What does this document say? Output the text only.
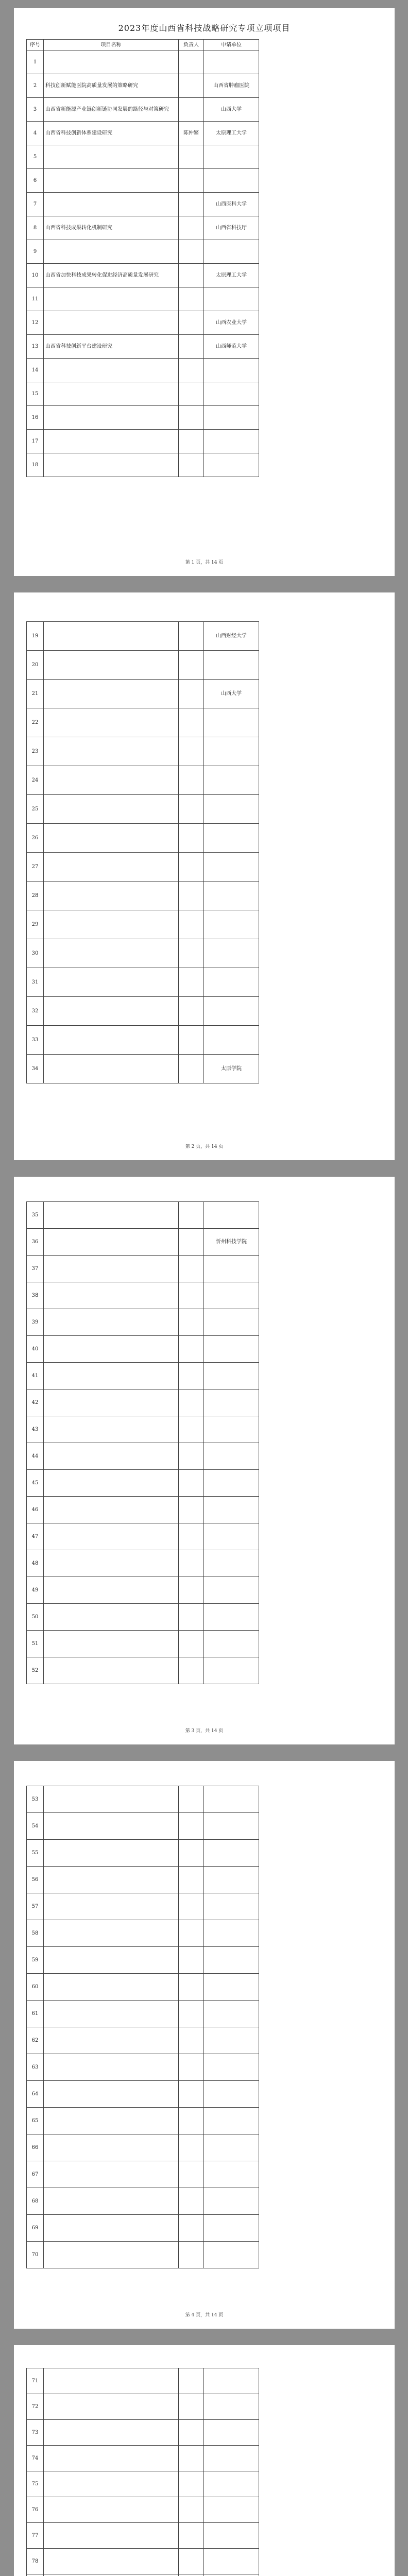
2023年度山西省科技战略研究专项立项项目
序号	项目名称	负责人	申请单位
1			
2	科技创新赋能医院高质量发展的策略研究		山西省肿瘤医院
3	山西省新能源产业链创新链协同发展的路径与对策研究		山西大学
4	山西省科技创新体系建设研究	陈仲繁	太原理工大学
5			
6			
7			山西医科大学
8	山西省科技成果转化机制研究		山西省科技厅
9			
10	山西省加快科技成果转化促进经济高质量发展研究		太原理工大学
11			
12			山西农业大学
13	山西省科技创新平台建设研究		山西师范大学
14			
15			
16			
17			
18			
第 1 页，共 14 页
19			山西财经大学
20			
21			山西大学
22			
23			
24			
25			
26			
27			
28			
29			
30			
31			
32			
33			
34			太原学院
第 2 页，共 14 页
35			
36			忻州科技学院
37			
38			
39			
40			
41			
42			
43			
44			
45			
46			
47			
48			
49			
50			
51			
52			
第 3 页，共 14 页
53			
54			
55			
56			
57			
58			
59			
60			
61			
62			
63			
64			
65			
66			
67			
68			
69			
70			
第 4 页，共 14 页
71			
72			
73			
74			
75			
76			
77			
78			
